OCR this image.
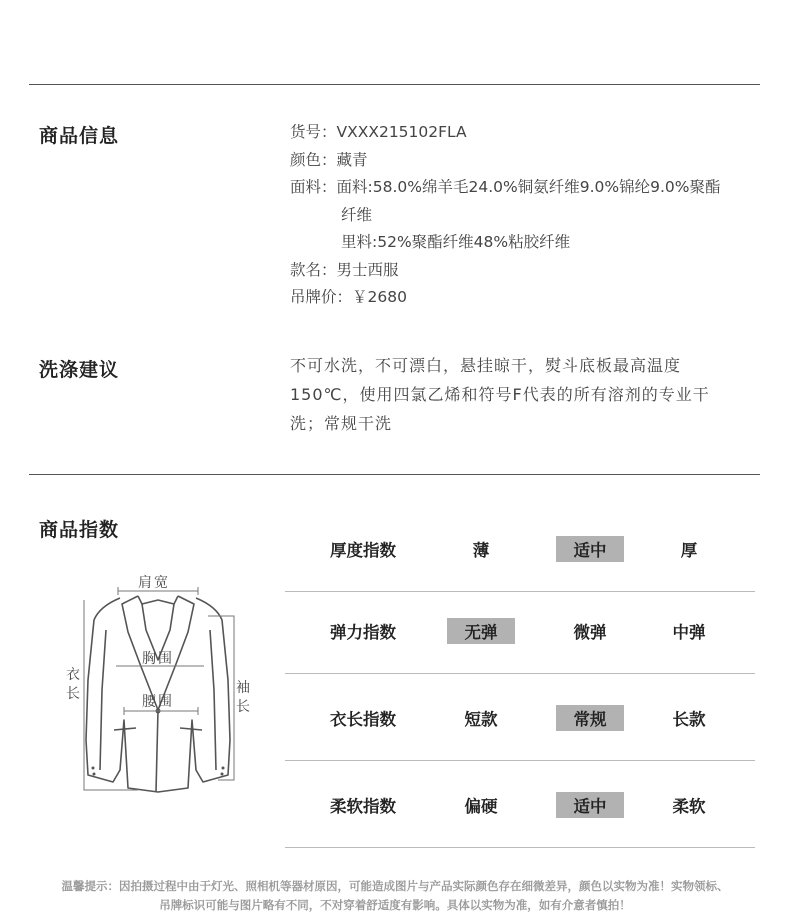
商品信息	货号：VXXX215102FLA
颜色：藏青
面料：面料:58.0%绵羊毛24.0%铜氨纤维9.0%锦纶9.0%聚酯
纤维
里料:52%聚酯纤维48%粘胶纤维
款名：男士西服
吊牌价：￥2680
洗涤建议	不可水洗，不可漂白，悬挂晾干，熨斗底板最高温度150℃，使用四氯乙烯和符号F代表的所有溶剂的专业干洗；常规干洗
商品指数
厚度指数	薄	适中	厚
弹力指数	无弹	微弹	中弹
衣长指数	短款	常规	长款
柔软指数	偏硬	适中	柔软
肩宽
胸围
腰围
衣
长	袖
长
温馨提示：因拍摄过程中由于灯光、照相机等器材原因，可能造成图片与产品实际颜色存在细微差异，颜色以实物为准！实物领标、
吊牌标识可能与图片略有不同，不对穿着舒适度有影响。具体以实物为准，如有介意者慎拍！
